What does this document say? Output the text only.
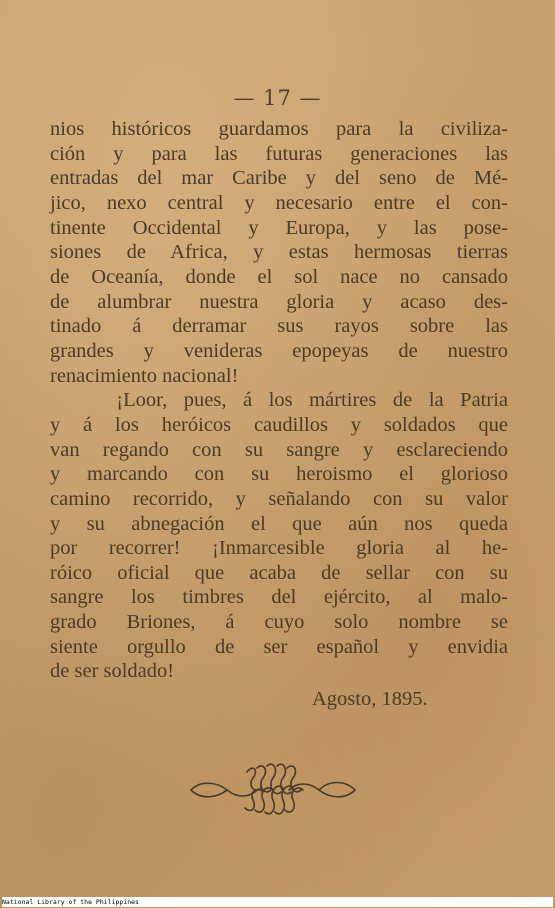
— 17 —
nios históricos guardamos para la civiliza-
ción y para las futuras generaciones las
entradas del mar Caribe y del seno de Mé-
jico, nexo central y necesario entre el con-
tinente Occidental y Europa, y las pose-
siones de Africa, y estas hermosas tierras
de Oceanía, donde el sol nace no cansado
de alumbrar nuestra gloria y acaso des-
tinado á derramar sus rayos sobre las
grandes y venideras epopeyas de nuestro
renacimiento nacional!
¡Loor, pues, á los mártires de la Patria
y á los heróicos caudillos y soldados que
van regando con su sangre y esclareciendo
y marcando con su heroismo el glorioso
camino recorrido, y señalando con su valor
y su abnegación el que aún nos queda
por recorrer! ¡Inmarcesible gloria al he-
róico oficial que acaba de sellar con su
sangre los timbres del ejército, al malo-
grado Briones, á cuyo solo nombre se
siente orgullo de ser español y envidia
de ser soldado!
Agosto, 1895.
National Library of the Philippines
